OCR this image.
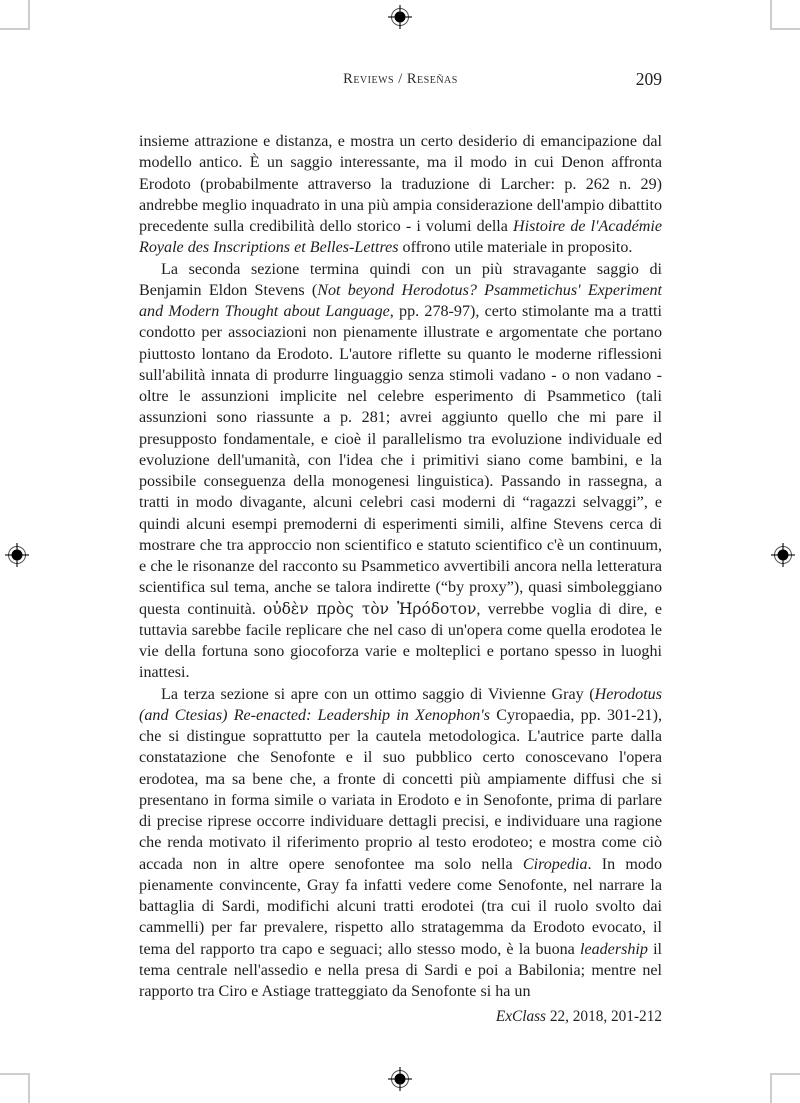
Reviews / Reseñas	209

insieme attrazione e distanza, e mostra un certo desiderio di emancipazione dal modello antico. È un saggio interessante, ma il modo in cui Denon affronta Erodoto (probabilmente attraverso la traduzione di Larcher: p. 262 n. 29) andrebbe meglio inquadrato in una più ampia considerazione dell'ampio dibattito precedente sulla credibilità dello storico - i volumi della Histoire de l'Académie Royale des Inscriptions et Belles-Lettres offrono utile materiale in proposito.

La seconda sezione termina quindi con un più stravagante saggio di Benjamin Eldon Stevens (Not beyond Herodotus? Psammetichus' Experiment and Modern Thought about Language, pp. 278-97), certo stimolante ma a tratti condotto per associazioni non pienamente illustrate e argomentate che portano piuttosto lontano da Erodoto. L'autore riflette su quanto le moderne riflessioni sull'abilità innata di produrre linguaggio senza stimoli vadano - o non vadano - oltre le assunzioni implicite nel celebre esperimento di Psammetico (tali assunzioni sono riassunte a p. 281; avrei aggiunto quello che mi pare il presupposto fondamentale, e cioè il parallelismo tra evoluzione individuale ed evoluzione dell'umanità, con l'idea che i primitivi siano come bambini, e la possibile conseguenza della monogenesi linguistica). Passando in rassegna, a tratti in modo divagante, alcuni celebri casi moderni di “ragazzi selvaggi”, e quindi alcuni esempi premoderni di esperimenti simili, alfine Stevens cerca di mostrare che tra approccio non scientifico e statuto scientifico c'è un continuum, e che le risonanze del racconto su Psammetico avvertibili ancora nella letteratura scientifica sul tema, anche se talora indirette (“by proxy”), quasi simboleggiano questa continuità. οὐδὲν πρὸς τὸν Ἡρόδοτον, verrebbe voglia di dire, e tuttavia sarebbe facile replicare che nel caso di un'opera come quella erodotea le vie della fortuna sono giocoforza varie e molteplici e portano spesso in luoghi inattesi.

La terza sezione si apre con un ottimo saggio di Vivienne Gray (Herodotus (and Ctesias) Re-enacted: Leadership in Xenophon's Cyropaedia, pp. 301-21), che si distingue soprattutto per la cautela metodologica. L'autrice parte dalla constatazione che Senofonte e il suo pubblico certo conoscevano l'opera erodotea, ma sa bene che, a fronte di concetti più ampiamente diffusi che si presentano in forma simile o variata in Erodoto e in Senofonte, prima di parlare di precise riprese occorre individuare dettagli precisi, e individuare una ragione che renda motivato il riferimento proprio al testo erodoteo; e mostra come ciò accada non in altre opere senofontee ma solo nella Ciropedia. In modo pienamente convincente, Gray fa infatti vedere come Senofonte, nel narrare la battaglia di Sardi, modifichi alcuni tratti erodotei (tra cui il ruolo svolto dai cammelli) per far prevalere, rispetto allo stratagemma da Erodoto evocato, il tema del rapporto tra capo e seguaci; allo stesso modo, è la buona leadership il tema centrale nell'assedio e nella presa di Sardi e poi a Babilonia; mentre nel rapporto tra Ciro e Astiage tratteggiato da Senofonte si ha un

ExClass 22, 2018, 201-212
